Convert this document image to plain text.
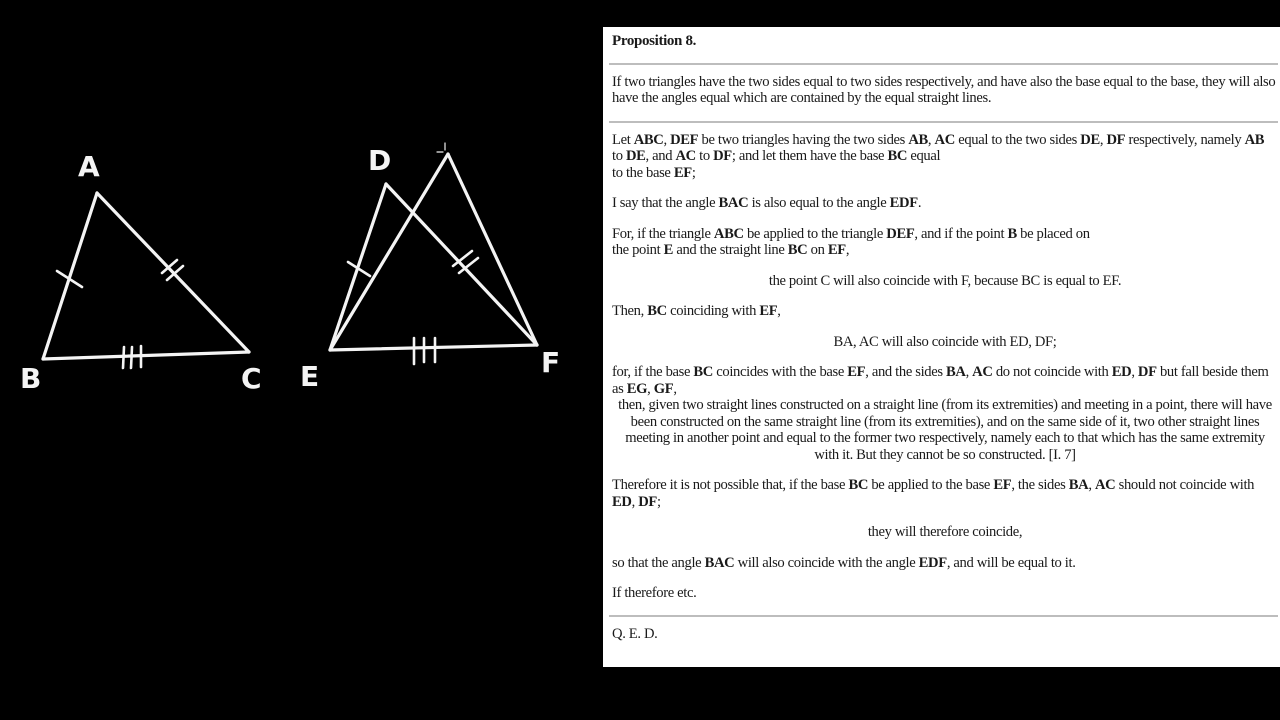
A
B	C
D
E	F
Proposition 8.

If two triangles have the two sides equal to two sides respectively, and have also the base equal to the base, they will also have the angles equal which are contained by the equal straight lines.

Let ABC, DEF be two triangles having the two sides AB, AC equal to the two sides DE, DF respectively, namely AB to DE, and AC to DF; and let them have the base BC equal
to the base EF;

I say that the angle BAC is also equal to the angle EDF.

For, if the triangle ABC be applied to the triangle DEF, and if the point B be placed on
the point E and the straight line BC on EF,

the point C will also coincide with F, because BC is equal to EF.

Then, BC coinciding with EF,

BA, AC will also coincide with ED, DF;

for, if the base BC coincides with the base EF, and the sides BA, AC do not coincide with ED, DF but fall beside them as EG, GF,

then, given two straight lines constructed on a straight line (from its extremities) and meeting in a point, there will have been constructed on the same straight line (from its extremities), and on the same side of it, two other straight lines meeting in another point and equal to the former two respectively, namely each to that which has the same extremity with it. But they cannot be so constructed. [I. 7]

Therefore it is not possible that, if the base BC be applied to the base EF, the sides BA, AC should not coincide with ED, DF;

they will therefore coincide,

so that the angle BAC will also coincide with the angle EDF, and will be equal to it.

If therefore etc.

Q. E. D.
